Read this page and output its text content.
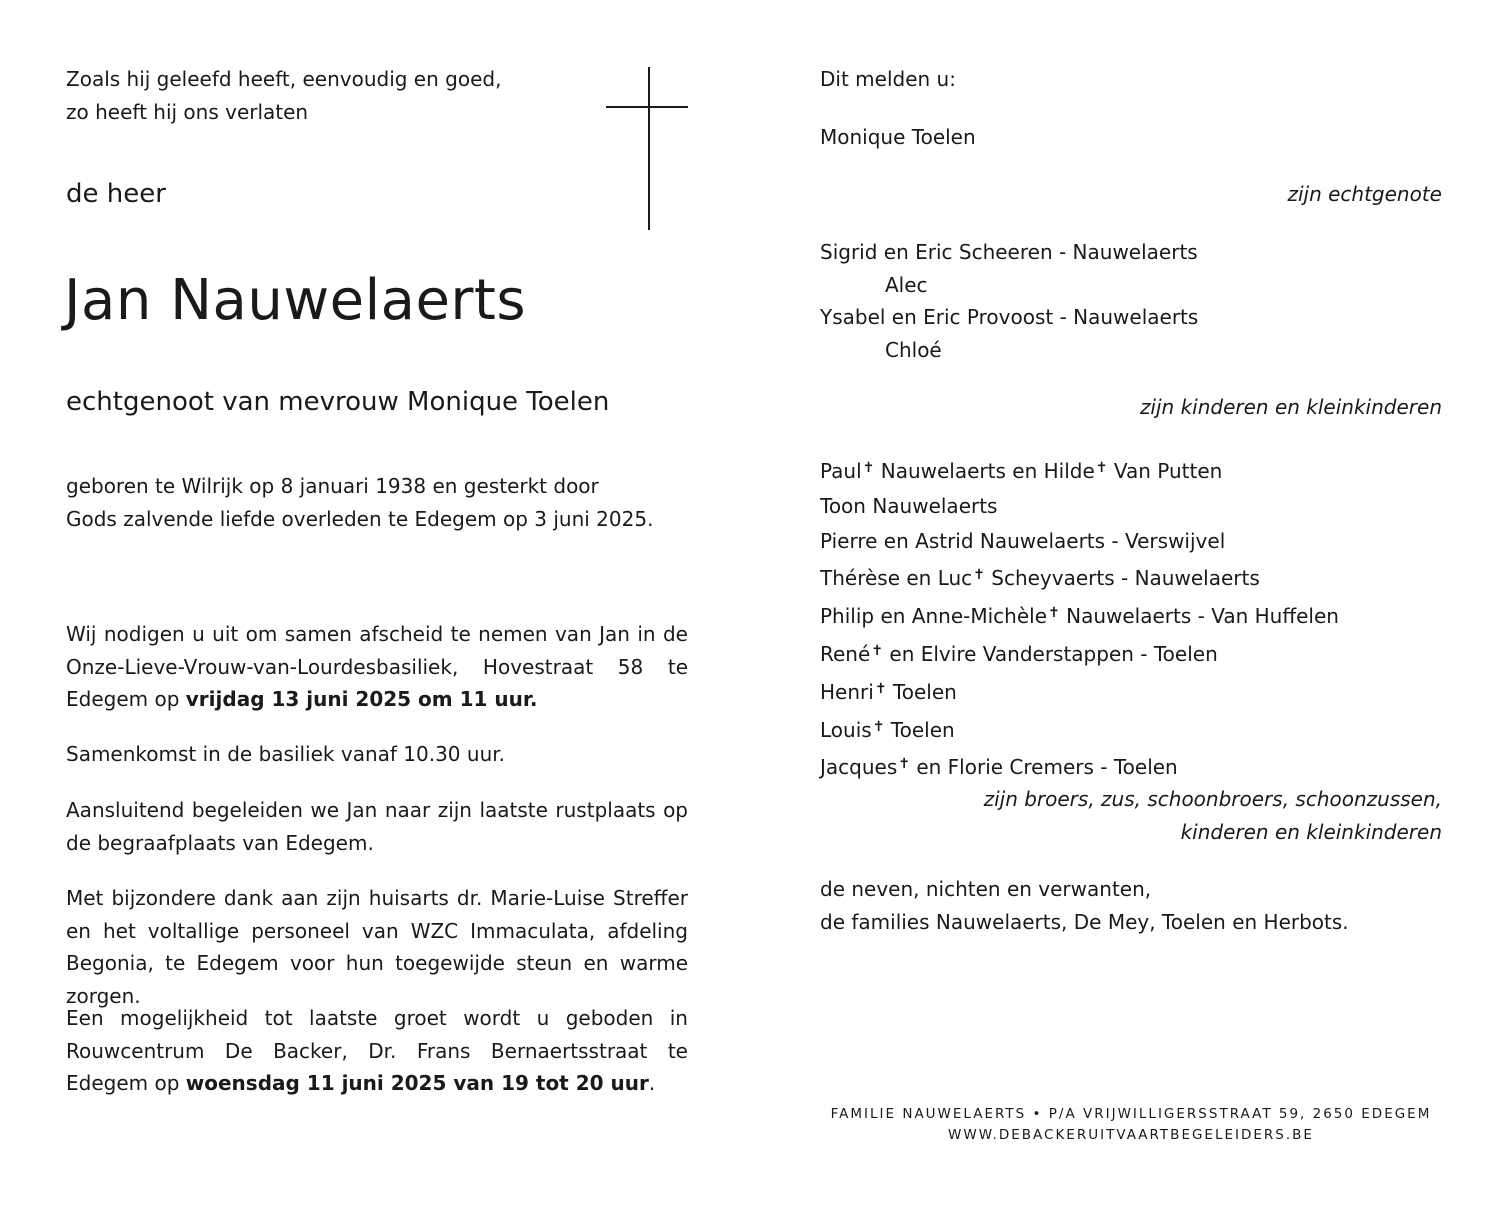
Zoals hij geleefd heeft, eenvoudig en goed,
zo heeft hij ons verlaten
de heer
Jan Nauwelaerts
echtgenoot van mevrouw Monique Toelen
geboren te Wilrijk op 8 januari 1938 en gesterkt door
Gods zalvende liefde overleden te Edegem op 3 juni 2025.
Wij nodigen u uit om samen afscheid te nemen van Jan in de Onze-Lieve-Vrouw-van-Lourdesbasiliek, Hovestraat 58 te Edegem op vrijdag 13 juni 2025 om 11 uur.
Samenkomst in de basiliek vanaf 10.30 uur.
Aansluitend begeleiden we Jan naar zijn laatste rustplaats op de begraafplaats van Edegem.
Met bijzondere dank aan zijn huisarts dr. Marie-Luise Streffer en het voltallige personeel van WZC Immaculata, afdeling Begonia, te Edegem voor hun toegewijde steun en warme zorgen.
Een mogelijkheid tot laatste groet wordt u geboden in Rouwcentrum De Backer, Dr. Frans Bernaertsstraat te Edegem op woensdag 11 juni 2025 van 19 tot 20 uur.
Dit melden u:
Monique Toelen
zijn echtgenote
Sigrid en Eric Scheeren - Nauwelaerts
Alec
Ysabel en Eric Provoost - Nauwelaerts
Chloé
zijn kinderen en kleinkinderen
Paul✝ Nauwelaerts en Hilde✝ Van Putten
Toon Nauwelaerts
Pierre en Astrid Nauwelaerts - Verswijvel
Thérèse en Luc✝ Scheyvaerts - Nauwelaerts
Philip en Anne-Michèle✝ Nauwelaerts - Van Huffelen
René✝ en Elvire Vanderstappen - Toelen
Henri✝ Toelen
Louis✝ Toelen
Jacques✝ en Florie Cremers - Toelen
zijn broers, zus, schoonbroers, schoonzussen,
kinderen en kleinkinderen
de neven, nichten en verwanten,
de families Nauwelaerts, De Mey, Toelen en Herbots.
FAMILIE NAUWELAERTS • P/A VRIJWILLIGERSSTRAAT 59, 2650 EDEGEM
WWW.DEBACKERUITVAARTBEGELEIDERS.BE
